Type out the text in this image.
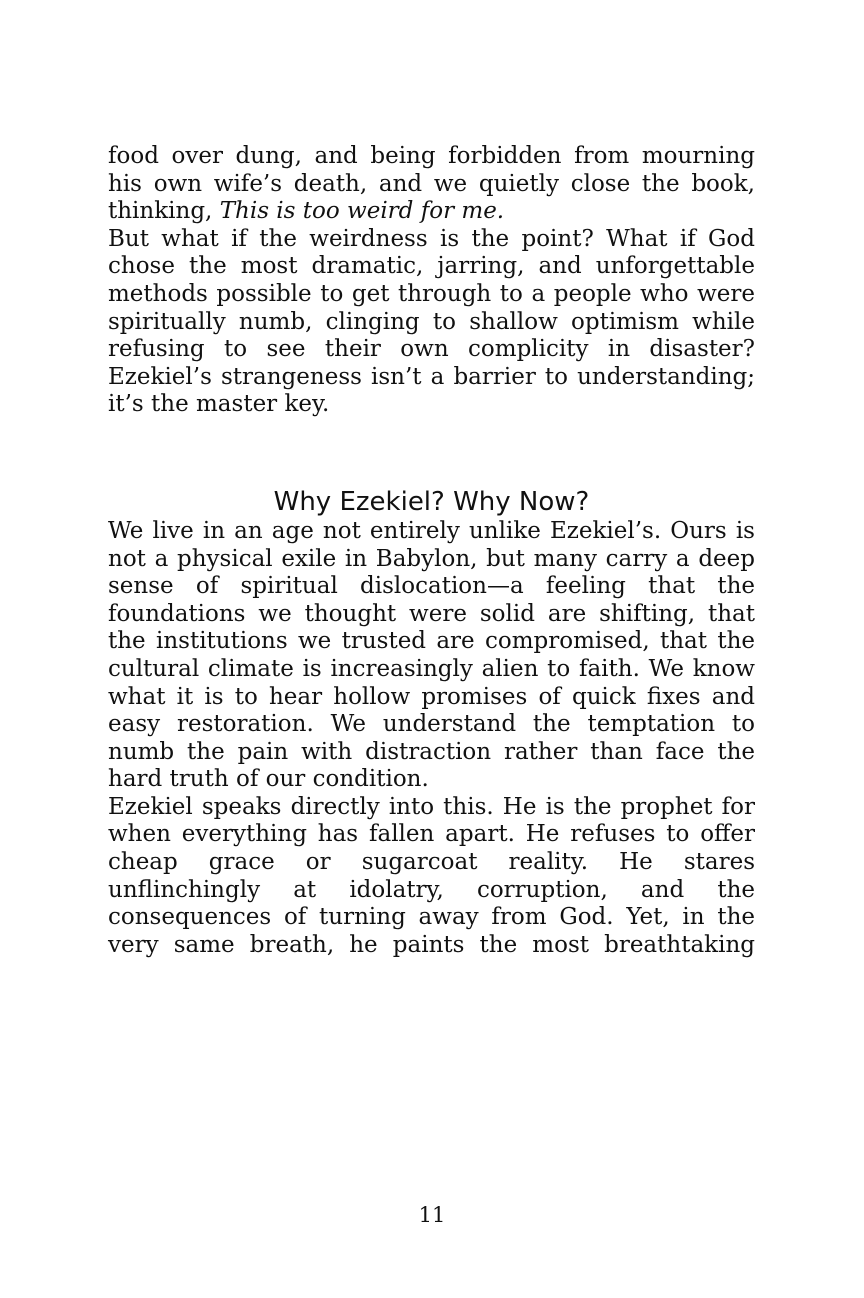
food over dung, and being forbidden from mourning his own wife’s death, and we quietly close the book, thinking, This is too weird for me.

But what if the weirdness is the point? What if God chose the most dramatic, jarring, and unforgettable methods possible to get through to a people who were spiritually numb, clinging to shallow optimism while refusing to see their own complicity in disaster? Ezekiel’s strangeness isn’t a barrier to understanding; it’s the master key.

Why Ezekiel? Why Now?

We live in an age not entirely unlike Ezekiel’s. Ours is not a physical exile in Babylon, but many carry a deep sense of spiritual dislocation—a feeling that the foundations we thought were solid are shifting, that the institutions we trusted are compromised, that the cultural climate is increasingly alien to faith. We know what it is to hear hollow promises of quick fixes and easy restoration. We understand the temptation to numb the pain with distraction rather than face the hard truth of our condition.

Ezekiel speaks directly into this. He is the prophet for when everything has fallen apart. He refuses to offer cheap grace or sugarcoat reality. He stares unflinchingly at idolatry, corruption, and the consequences of turning away from God. Yet, in the very same breath, he paints the most breathtaking

11
